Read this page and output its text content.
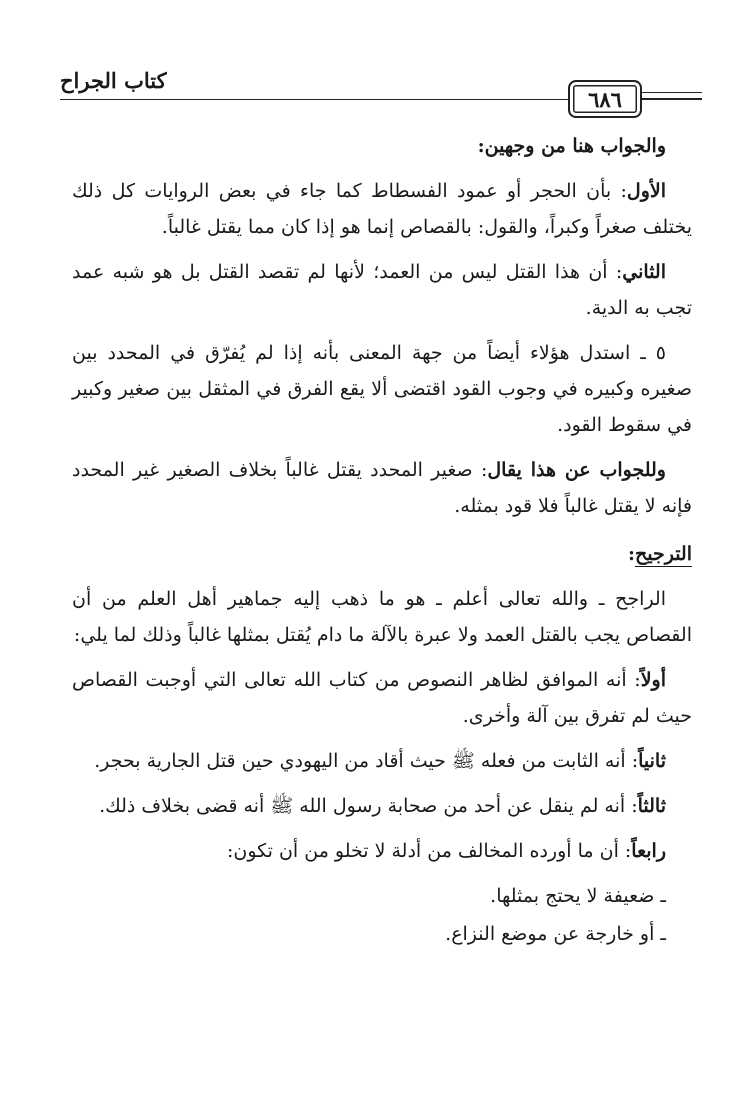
كتاب الجراح
٦٨٦

والجواب هنا من وجهين:

الأول: بأن الحجر أو عمود الفسطاط كما جاء في بعض الروايات كل ذلك يختلف صغراً وكبراً، والقول: بالقصاص إنما هو إذا كان مما يقتل غالباً.

الثاني: أن هذا القتل ليس من العمد؛ لأنها لم تقصد القتل بل هو شبه عمد تجب به الدية.

٥ ـ استدل هؤلاء أيضاً من جهة المعنى بأنه إذا لم يُفرّق في المحدد بين صغيره وكبيره في وجوب القود اقتضى ألا يقع الفرق في المثقل بين صغير وكبير في سقوط القود.

وللجواب عن هذا يقال: صغير المحدد يقتل غالباً بخلاف الصغير غير المحدد فإنه لا يقتل غالباً فلا قود بمثله.

الترجيح:

الراجح ـ والله تعالى أعلم ـ هو ما ذهب إليه جماهير أهل العلم من أن القصاص يجب بالقتل العمد ولا عبرة بالآلة ما دام يُقتل بمثلها غالباً وذلك لما يلي:

أولاً: أنه الموافق لظاهر النصوص من كتاب الله تعالى التي أوجبت القصاص حيث لم تفرق بين آلة وأخرى.

ثانياً: أنه الثابت من فعله ﷺ حيث أقاد من اليهودي حين قتل الجارية بحجر.

ثالثاً: أنه لم ينقل عن أحد من صحابة رسول الله ﷺ أنه قضى بخلاف ذلك.

رابعاً: أن ما أورده المخالف من أدلة لا تخلو من أن تكون:

ـ ضعيفة لا يحتج بمثلها.

ـ أو خارجة عن موضع النزاع.
